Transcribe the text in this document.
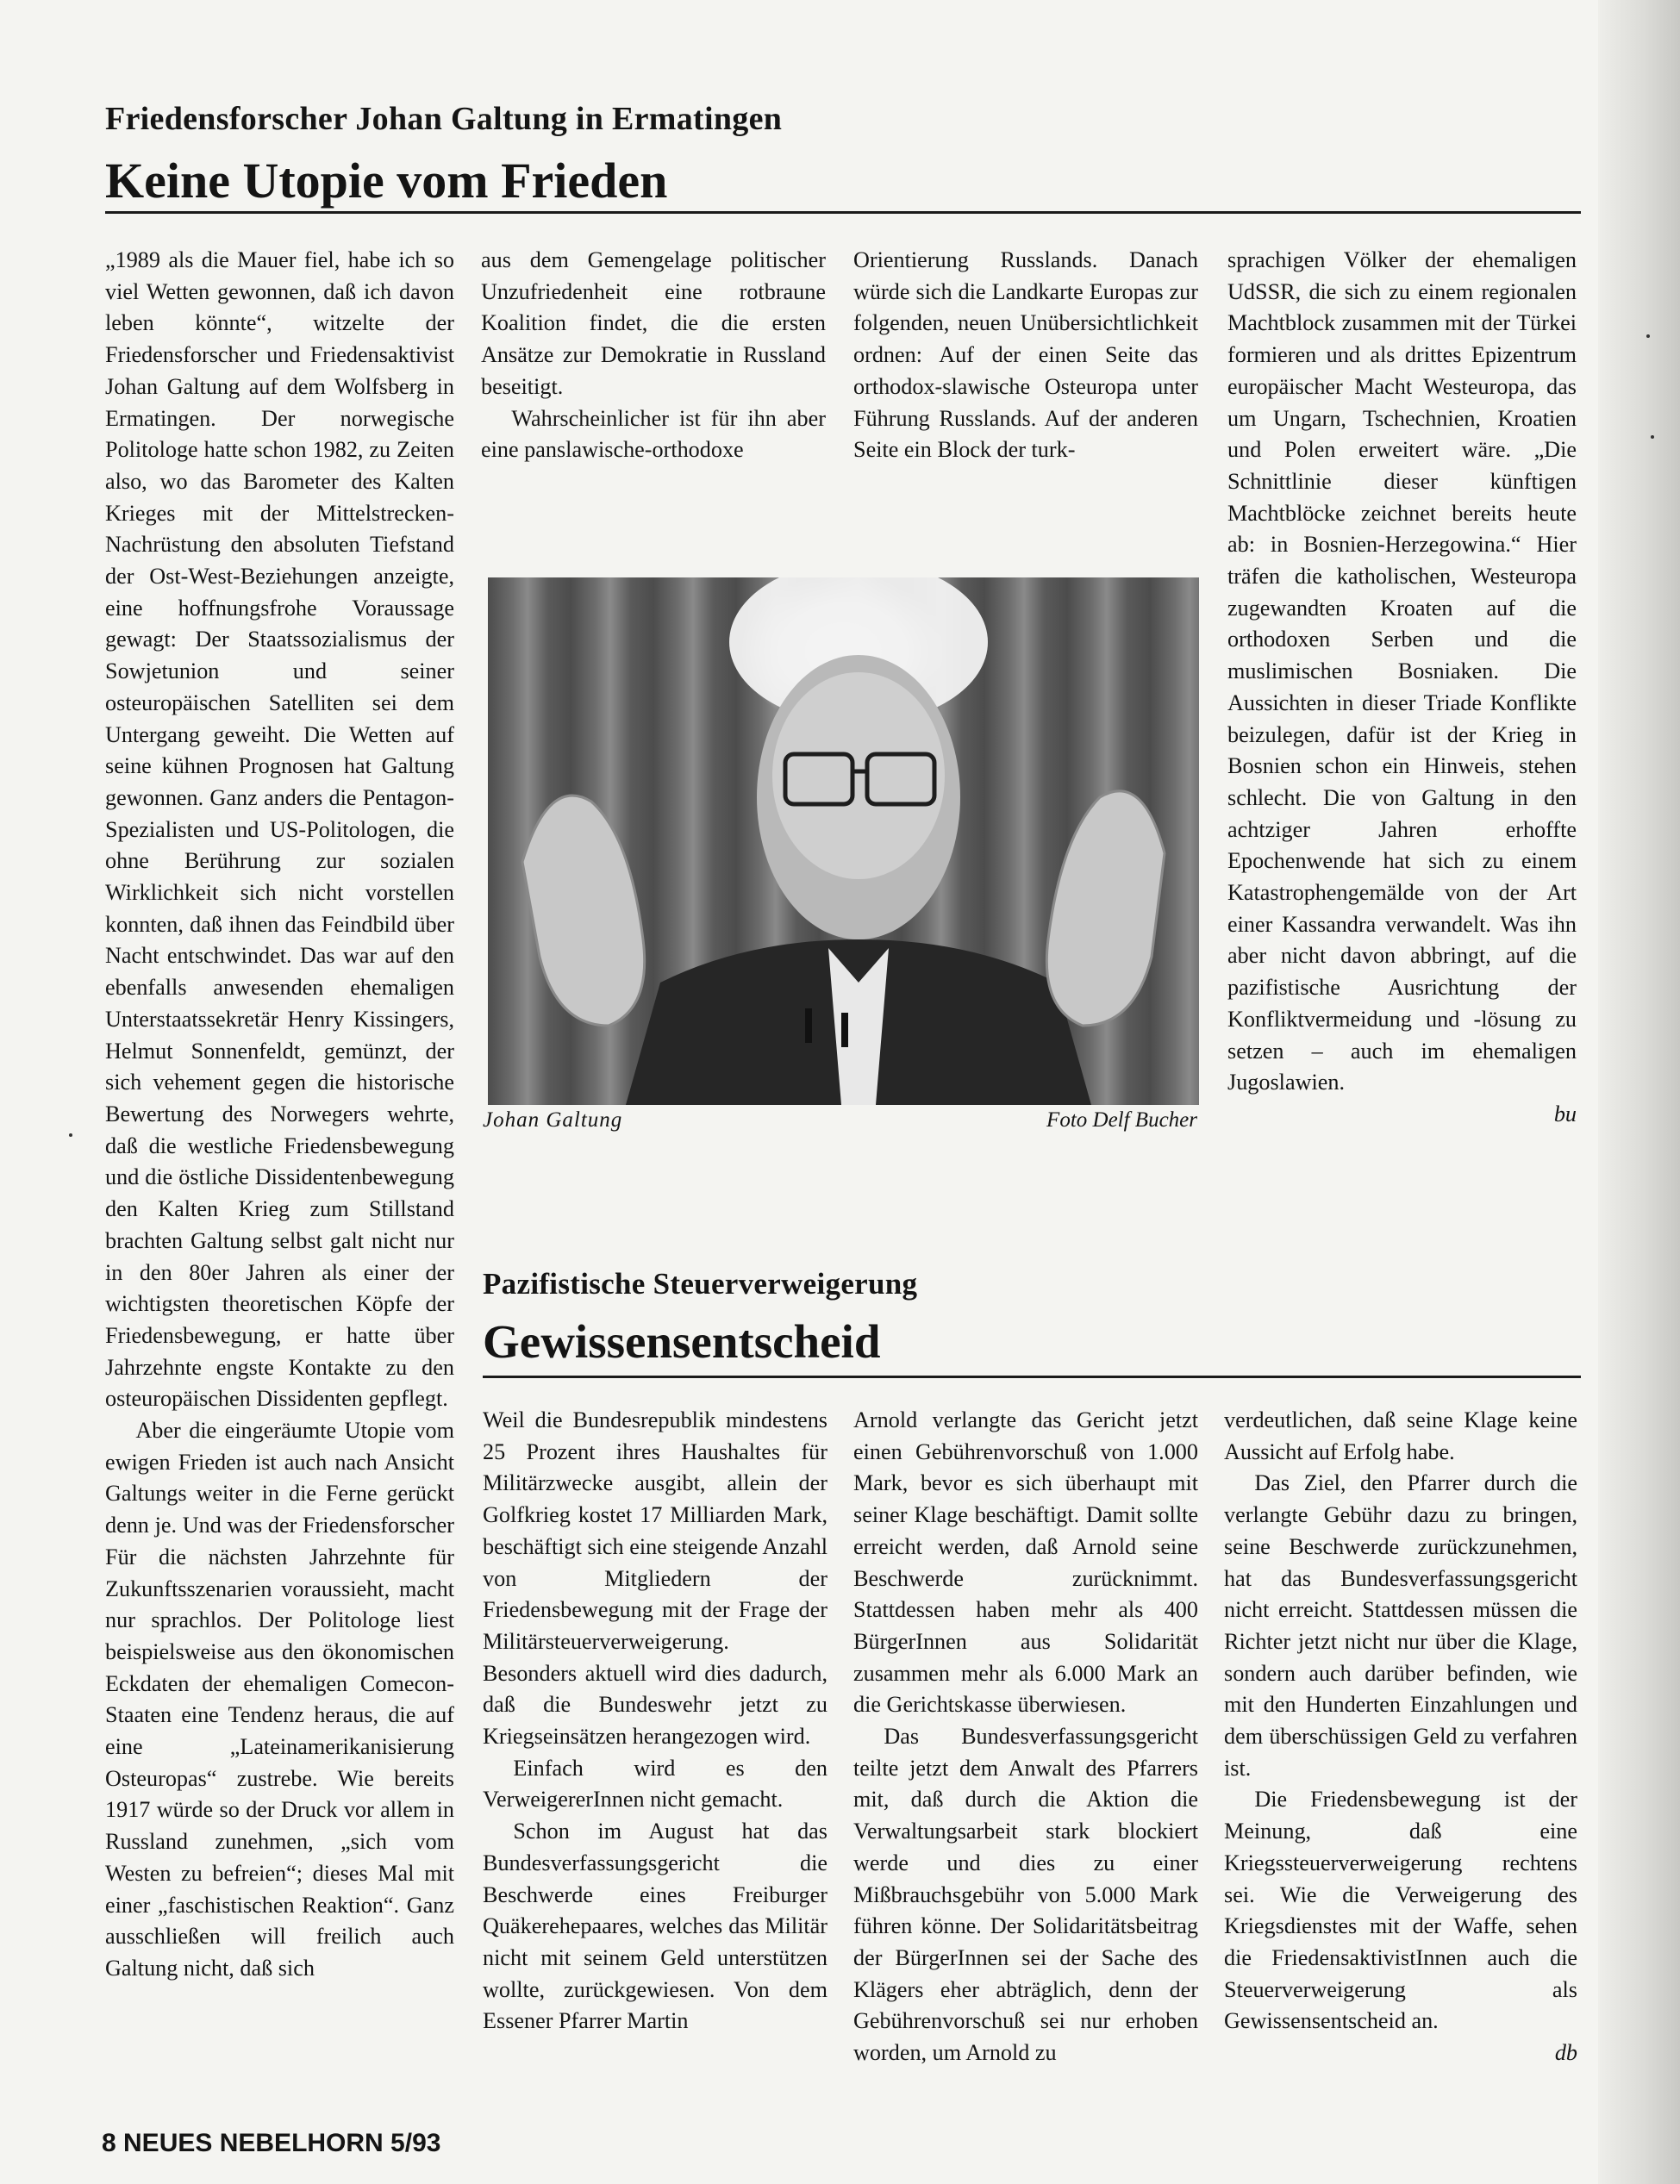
Friedensforscher Johan Galtung in Ermatingen
Keine Utopie vom Frieden

„1989 als die Mauer fiel, habe ich so viel Wetten gewonnen, daß ich davon leben könnte“, witzelte der Friedensforscher und Friedensaktivist Johan Galtung auf dem Wolfsberg in Ermatingen. Der norwegische Politologe hatte schon 1982, zu Zeiten also, wo das Barometer des Kalten Krieges mit der Mittelstrecken-Nachrüstung den absoluten Tiefstand der Ost-West-Beziehungen anzeigte, eine hoffnungsfrohe Voraussage gewagt: Der Staatssozialismus der Sowjetunion und seiner osteuropäischen Satelliten sei dem Untergang geweiht. Die Wetten auf seine kühnen Prognosen hat Galtung gewonnen. Ganz anders die Pentagon-Spezialisten und US-Politologen, die ohne Berührung zur sozialen Wirklichkeit sich nicht vorstellen konnten, daß ihnen das Feindbild über Nacht entschwindet. Das war auf den ebenfalls anwesenden ehemaligen Unterstaatssekretär Henry Kissingers, Helmut Sonnenfeldt, gemünzt, der sich vehement gegen die historische Bewertung des Norwegers wehrte, daß die westliche Friedensbewegung und die östliche Dissidentenbewegung den Kalten Krieg zum Stillstand brachten Galtung selbst galt nicht nur in den 80er Jahren als einer der wichtigsten theoretischen Köpfe der Friedensbewegung, er hatte über Jahrzehnte engste Kontakte zu den osteuropäischen Dissidenten gepflegt.

Aber die eingeräumte Utopie vom ewigen Frieden ist auch nach Ansicht Galtungs weiter in die Ferne gerückt denn je. Und was der Friedensforscher Für die nächsten Jahrzehnte für Zukunftsszenarien voraussieht, macht nur sprachlos. Der Politologe liest beispielsweise aus den ökonomischen Eckdaten der ehemaligen Comecon-Staaten eine Tendenz heraus, die auf eine „Lateinamerikanisierung Osteuropas“ zustrebe. Wie bereits 1917 würde so der Druck vor allem in Russland zunehmen, „sich vom Westen zu befreien“; dieses Mal mit einer „faschistischen Reaktion“. Ganz ausschließen will freilich auch Galtung nicht, daß sich

aus dem Gemengelage politischer Unzufriedenheit eine rotbraune Koalition findet, die die ersten Ansätze zur Demokratie in Russland beseitigt.

Wahrscheinlicher ist für ihn aber eine panslawische-orthodoxe

Orientierung Russlands. Danach würde sich die Landkarte Europas zur folgenden, neuen Unübersichtlichkeit ordnen: Auf der einen Seite das orthodox-slawische Osteuropa unter Führung Russlands. Auf der anderen Seite ein Block der turk-

sprachigen Völker der ehemaligen UdSSR, die sich zu einem regionalen Machtblock zusammen mit der Türkei formieren und als drittes Epizentrum europäischer Macht Westeuropa, das um Ungarn, Tschechnien, Kroatien und Polen erweitert wäre. „Die Schnittlinie dieser künftigen Machtblöcke zeichnet bereits heute ab: in Bosnien-Herzegowina.“ Hier träfen die katholischen, Westeuropa zugewandten Kroaten auf die orthodoxen Serben und die muslimischen Bosniaken. Die Aussichten in dieser Triade Konflikte beizulegen, dafür ist der Krieg in Bosnien schon ein Hinweis, stehen schlecht. Die von Galtung in den achtziger Jahren erhoffte Epochenwende hat sich zu einem Katastrophengemälde von der Art einer Kassandra verwandelt. Was ihn aber nicht davon abbringt, auf die pazifistische Ausrichtung der Konfliktvermeidung und -lösung zu setzen – auch im ehemaligen Jugoslawien.

bu

Johan Galtung	Foto Delf Bucher
Pazifistische Steuerverweigerung
Gewissensentscheid

Weil die Bundesrepublik mindestens 25 Prozent ihres Haushaltes für Militärzwecke ausgibt, allein der Golfkrieg kostet 17 Milliarden Mark, beschäftigt sich eine steigende Anzahl von Mitgliedern der Friedensbewegung mit der Frage der Militärsteuerverweigerung. Besonders aktuell wird dies dadurch, daß die Bundeswehr jetzt zu Kriegseinsätzen herangezogen wird.

Einfach wird es den VerweigererInnen nicht gemacht.

Schon im August hat das Bundesverfassungsgericht die Beschwerde eines Freiburger Quäkerehepaares, welches das Militär nicht mit seinem Geld unterstützen wollte, zurückgewiesen. Von dem Essener Pfarrer Martin

Arnold verlangte das Gericht jetzt einen Gebührenvorschuß von 1.000 Mark, bevor es sich überhaupt mit seiner Klage beschäftigt. Damit sollte erreicht werden, daß Arnold seine Beschwerde zurücknimmt. Stattdessen haben mehr als 400 BürgerInnen aus Solidarität zusammen mehr als 6.000 Mark an die Gerichtskasse überwiesen.

Das Bundesverfassungsgericht teilte jetzt dem Anwalt des Pfarrers mit, daß durch die Aktion die Verwaltungsarbeit stark blockiert werde und dies zu einer Mißbrauchsgebühr von 5.000 Mark führen könne. Der Solidaritätsbeitrag der BürgerInnen sei der Sache des Klägers eher abträglich, denn der Gebührenvorschuß sei nur erhoben worden, um Arnold zu

verdeutlichen, daß seine Klage keine Aussicht auf Erfolg habe.

Das Ziel, den Pfarrer durch die verlangte Gebühr dazu zu bringen, seine Beschwerde zurückzunehmen, hat das Bundesverfassungsgericht nicht erreicht. Stattdessen müssen die Richter jetzt nicht nur über die Klage, sondern auch darüber befinden, wie mit den Hunderten Einzahlungen und dem überschüssigen Geld zu verfahren ist.

Die Friedensbewegung ist der Meinung, daß eine Kriegssteuerverweigerung rechtens sei. Wie die Verweigerung des Kriegsdienstes mit der Waffe, sehen die FriedensaktivistInnen auch die Steuerverweigerung als Gewissensentscheid an.

db

8 NEUES NEBELHORN 5/93
